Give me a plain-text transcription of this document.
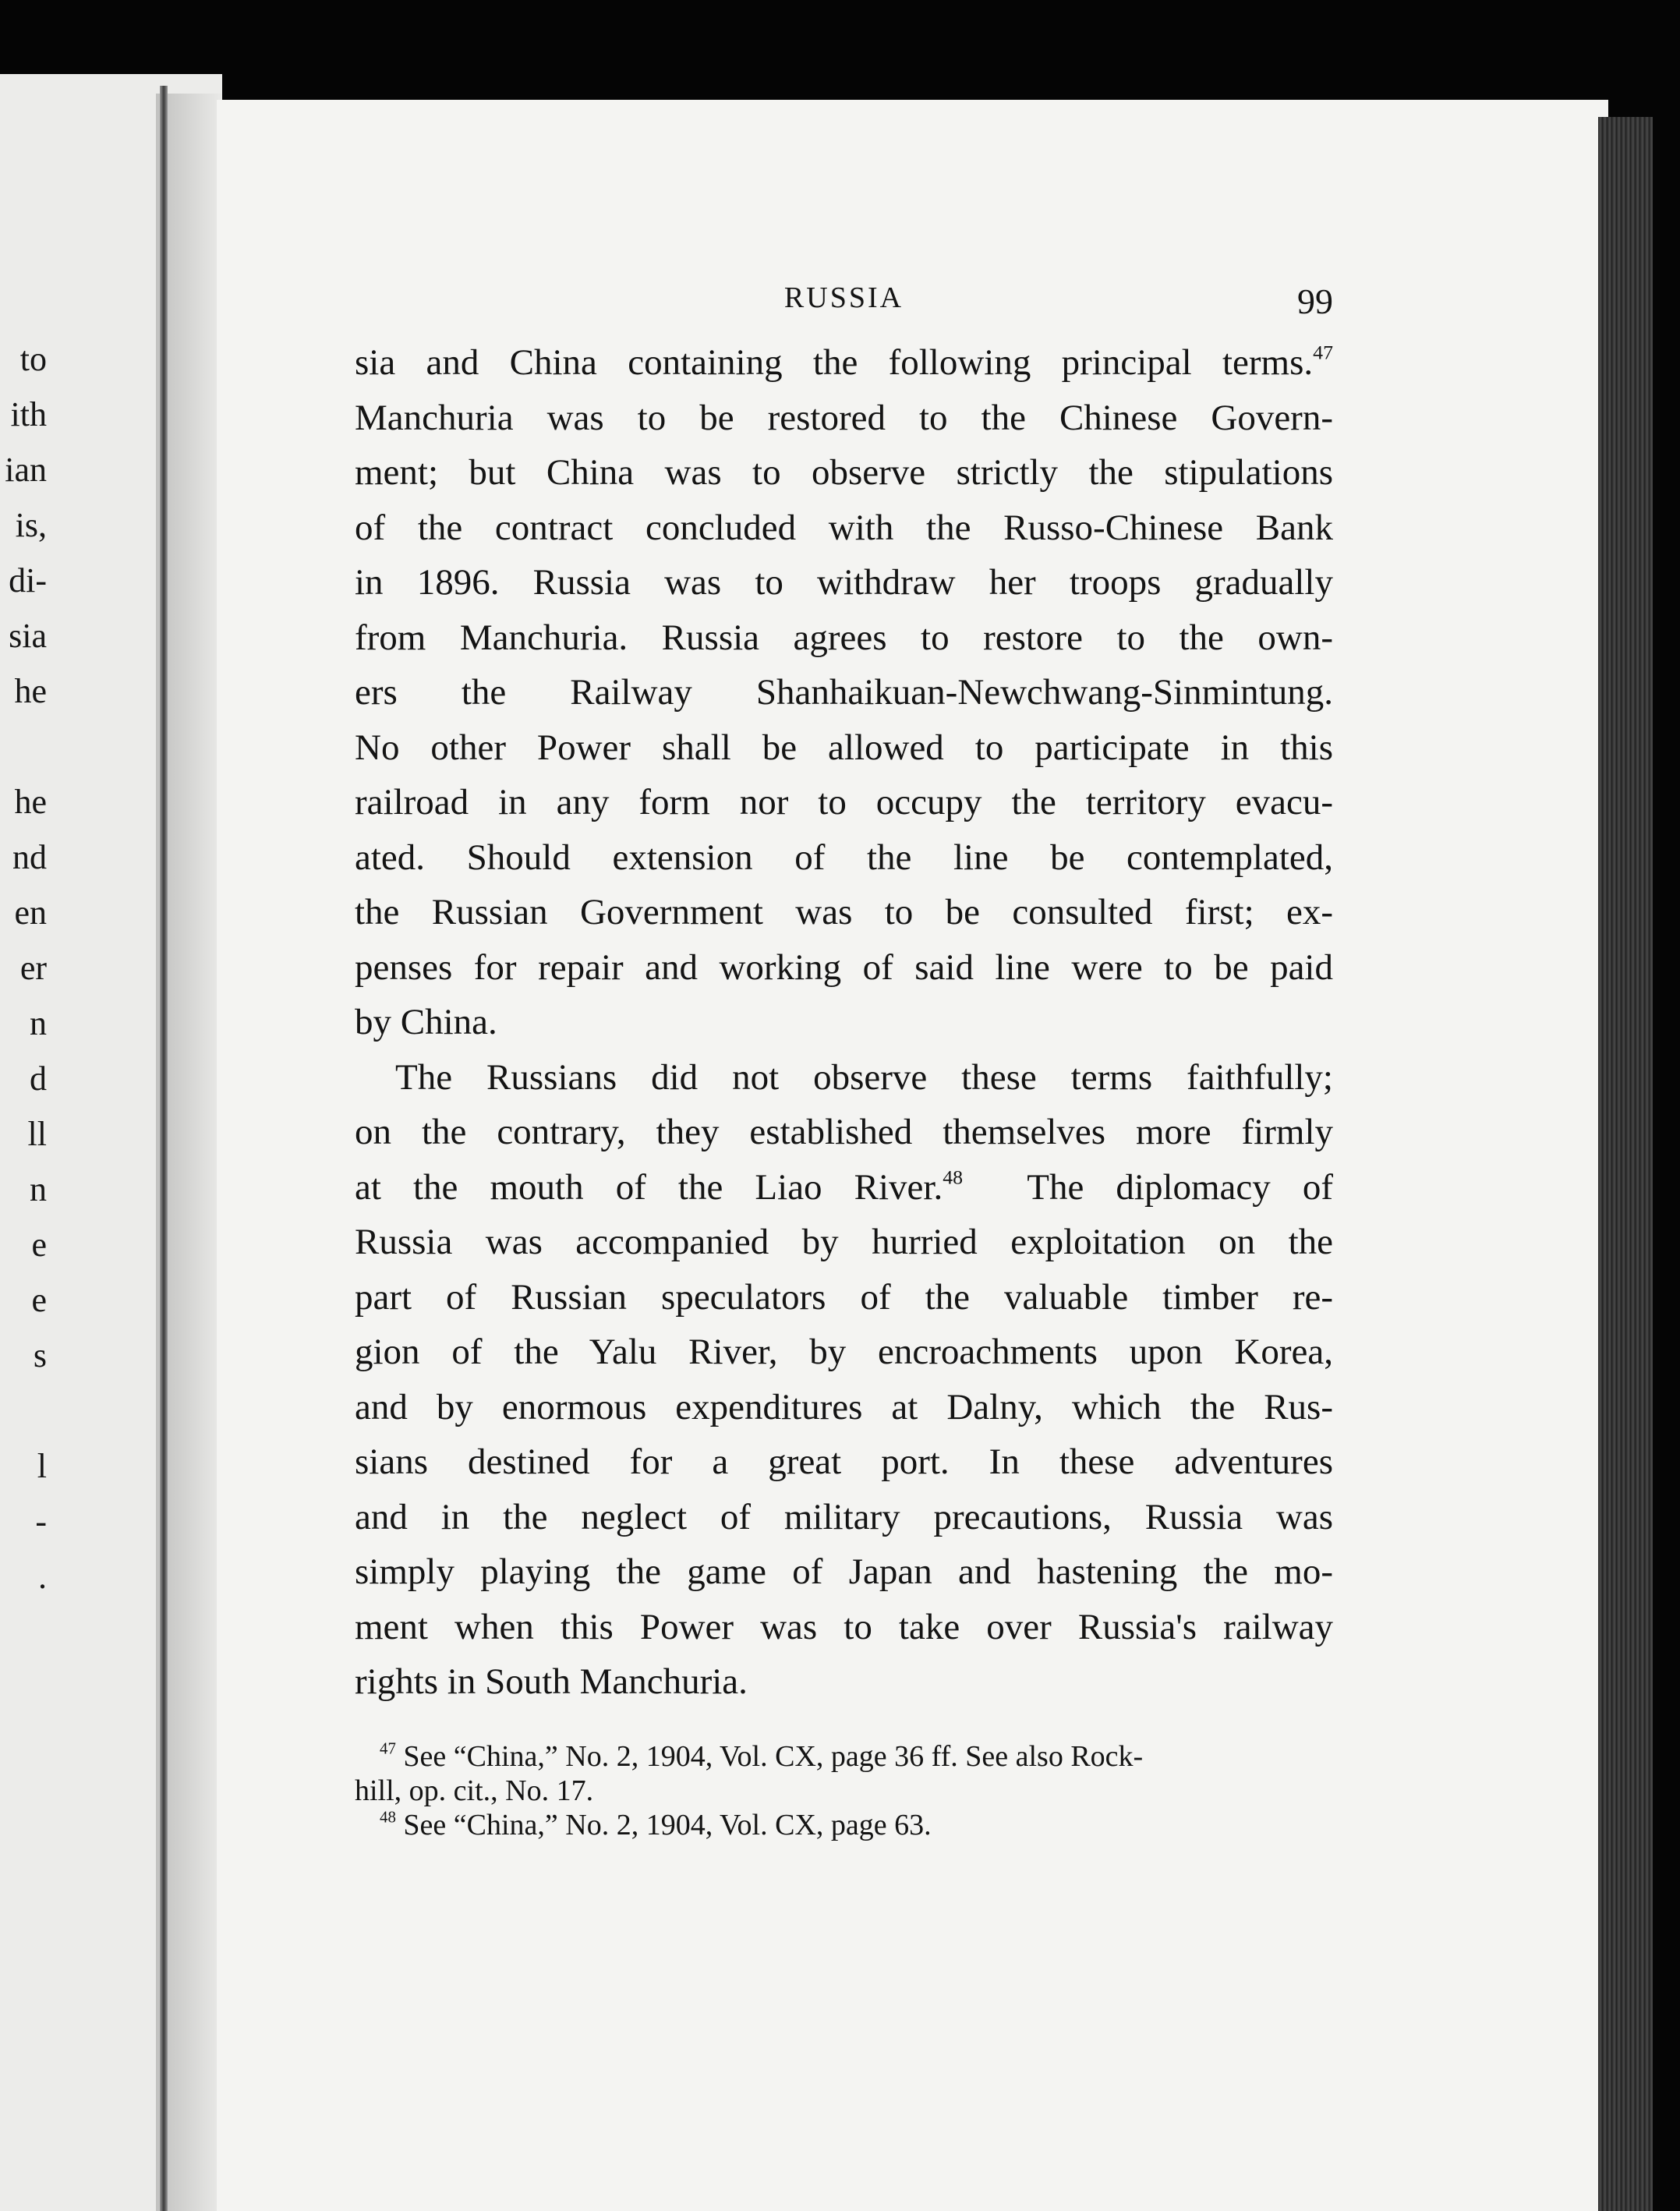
to
ith
ian
is,
di-
sia
he
he
nd
en
er
n
d
ll
n
e
e
s
l
-
.
RUSSIA	99

sia and China containing the following principal terms.$^{47}$
Manchuria was to be restored to the Chinese Govern-
ment; but China was to observe strictly the stipulations
of the contract concluded with the Russo-Chinese Bank
in 1896. Russia was to withdraw her troops gradually
from Manchuria. Russia agrees to restore to the own-
ers the Railway Shanhaikuan-Newchwang-Sinmintung.
No other Power shall be allowed to participate in this
railroad in any form nor to occupy the territory evacu-
ated. Should extension of the line be contemplated,
the Russian Government was to be consulted first; ex-
penses for repair and working of said line were to be paid
by China.

The Russians did not observe these terms faithfully;
on the contrary, they established themselves more firmly
at the mouth of the Liao River.$^{48}$ The diplomacy of
Russia was accompanied by hurried exploitation on the
part of Russian speculators of the valuable timber re-
gion of the Yalu River, by encroachments upon Korea,
and by enormous expenditures at Dalny, which the Rus-
sians destined for a great port. In these adventures
and in the neglect of military precautions, Russia was
simply playing the game of Japan and hastening the mo-
ment when this Power was to take over Russia's railway
rights in South Manchuria.

$^{47}$ See “China,” No. 2, 1904, Vol. CX, page 36 ff. See also Rock-
hill, op. cit., No. 17.
$^{48}$ See “China,” No. 2, 1904, Vol. CX, page 63.
